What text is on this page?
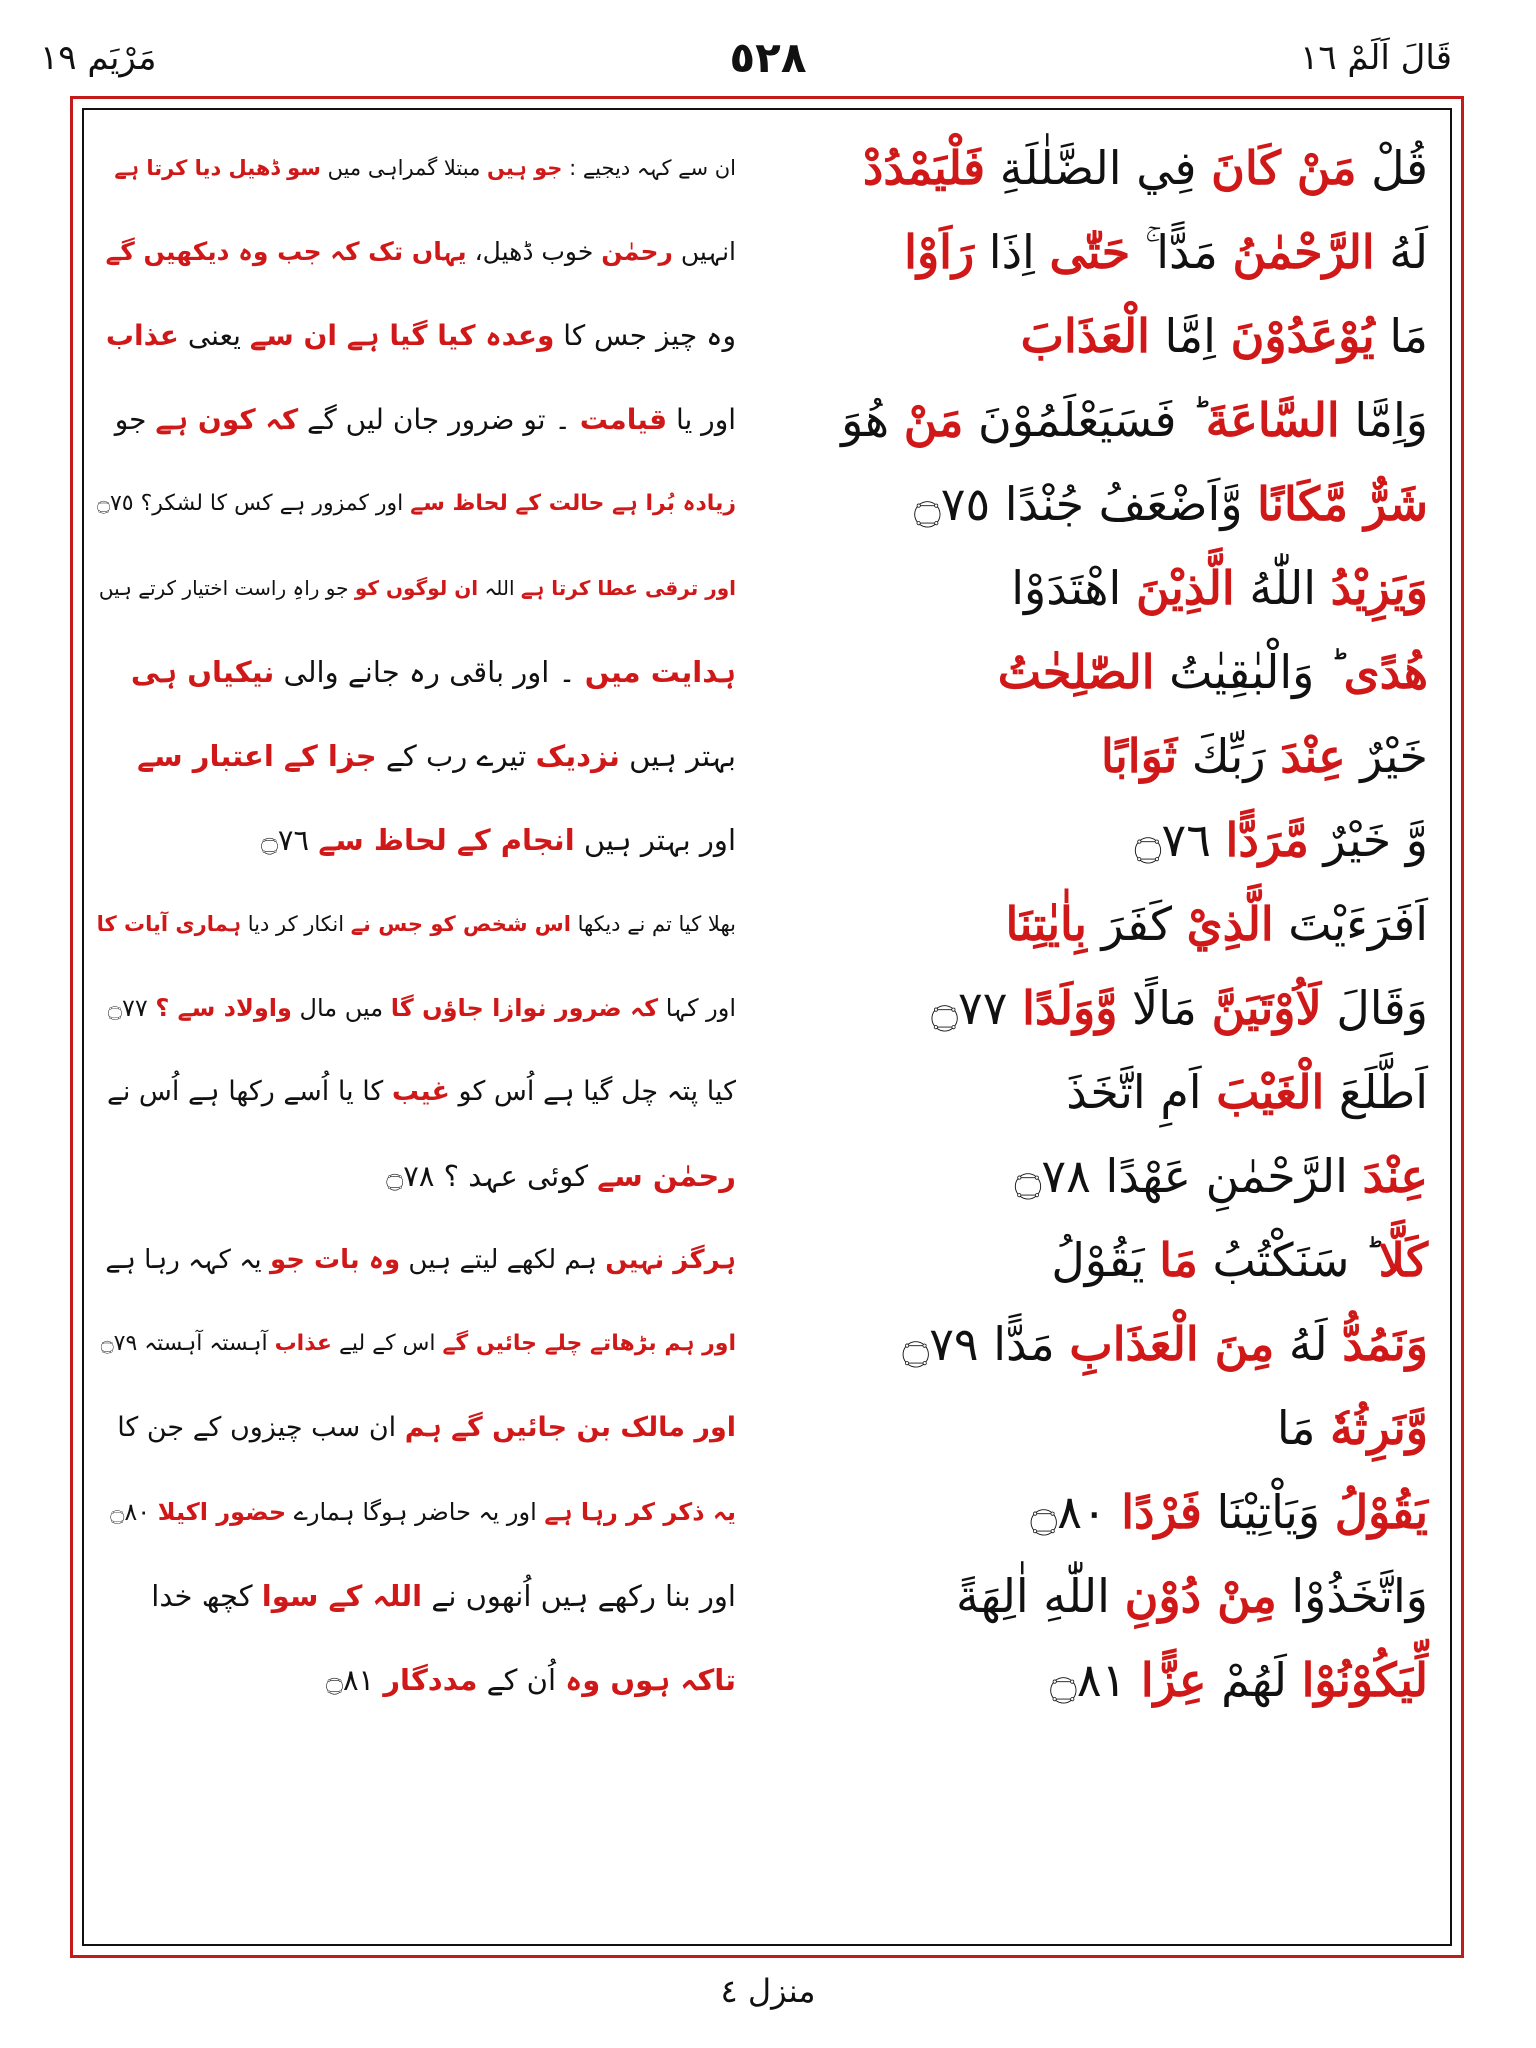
قَالَ اَلَمْ ١٦
٥٢٨
مَرْيَم ١٩
قُلْ مَنْ كَانَ فِي الضَّلٰلَةِ فَلْيَمْدُدْ
ان سے کہہ دیجیے : جو ہیں مبتلا گمراہی میں سو ڈھیل دیا کرتا ہے
لَهُ الرَّحْمٰنُ مَدًّا ۚ حَتّٰى اِذَا رَاَوْا
انہیں رحمٰن خوب ڈھیل، یہاں تک کہ جب وہ دیکھیں گے
مَا يُوْعَدُوْنَ اِمَّا الْعَذَابَ
وہ چیز جس کا وعدہ کیا گیا ہے ان سے یعنی عذاب
وَاِمَّا السَّاعَةَ ؕ فَسَيَعْلَمُوْنَ مَنْ هُوَ
اور یا قیامت ۔ تو ضرور جان لیں گے کہ کون ہے جو
شَرٌّ مَّكَانًا وَّاَضْعَفُ جُنْدًا ۝٧٥
زیادہ بُرا ہے حالت کے لحاظ سے اور کمزور ہے کس کا لشکر؟ ۝٧٥
وَيَزِيْدُ اللّٰهُ الَّذِيْنَ اهْتَدَوْا
اور ترقی عطا کرتا ہے اللہ ان لوگوں کو جو راہِ راست اختیار کرتے ہیں
هُدًى ؕ وَالْبٰقِيٰتُ الصّٰلِحٰتُ
ہدایت میں ۔ اور باقی رہ جانے والی نیکیاں ہی
خَيْرٌ عِنْدَ رَبِّكَ ثَوَابًا
بہتر ہیں نزدیک تیرے رب کے جزا کے اعتبار سے
وَّ خَيْرٌ مَّرَدًّا ۝٧٦
اور بہتر ہیں انجام کے لحاظ سے ۝٧٦
اَفَرَءَيْتَ الَّذِيْ كَفَرَ بِاٰيٰتِنَا
بھلا کیا تم نے دیکھا اس شخص کو جس نے انکار کر دیا ہماری آیات کا
وَقَالَ لَاُوْتَيَنَّ مَالًا وَّوَلَدًا ۝٧٧
اور کہا کہ ضرور نوازا جاؤں گا میں مال واولاد سے ؟ ۝٧٧
اَطَّلَعَ الْغَيْبَ اَمِ اتَّخَذَ
کیا پتہ چل گیا ہے اُس کو غیب کا یا اُسے رکھا ہے اُس نے
عِنْدَ الرَّحْمٰنِ عَهْدًا ۝٧٨
رحمٰن سے کوئی عہد ؟ ۝٧٨
كَلَّا ؕ سَنَكْتُبُ مَا يَقُوْلُ
ہرگز نہیں ہم لکھے لیتے ہیں وہ بات جو یہ کہہ رہا ہے
وَنَمُدُّ لَهُ مِنَ الْعَذَابِ مَدًّا ۝٧٩
اور ہم بڑھاتے چلے جائیں گے اس کے لیے عذاب آہستہ آہستہ ۝٧٩
وَّنَرِثُهٗ مَا
اور مالک بن جائیں گے ہم ان سب چیزوں کے جن کا
يَقُوْلُ وَيَاْتِيْنَا فَرْدًا ۝٨٠
یہ ذکر کر رہا ہے اور یہ حاضر ہوگا ہمارے حضور اکیلا ۝٨٠
وَاتَّخَذُوْا مِنْ دُوْنِ اللّٰهِ اٰلِهَةً
اور بنا رکھے ہیں اُنھوں نے اللہ کے سوا کچھ خدا
لِّيَكُوْنُوْا لَهُمْ عِزًّا ۝٨١
تاکہ ہوں وہ اُن کے مددگار ۝٨١
منزل ٤
